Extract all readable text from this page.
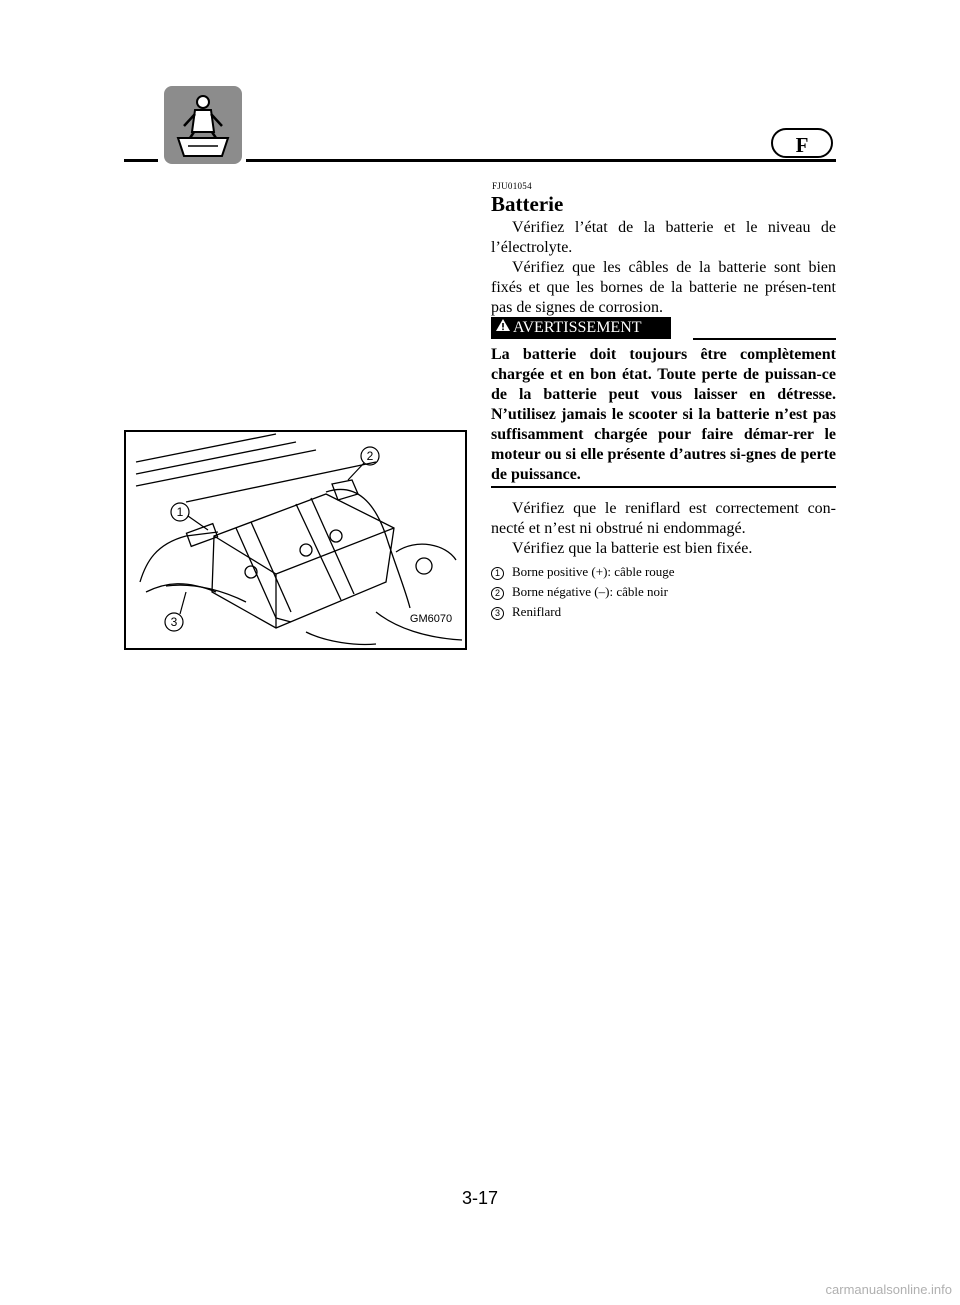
F
FJU01054
Batterie

Vérifiez l’état de la batterie et le niveau de l’électrolyte.

Vérifiez que les câbles de la batterie sont bien fixés et que les bornes de la batterie ne présen-tent pas de signes de corrosion.

AVERTISSEMENT

La batterie doit toujours être complètement chargée et en bon état. Toute perte de puissan-ce de la batterie peut vous laisser en détresse. N’utilisez jamais le scooter si la batterie n’est pas suffisamment chargée pour faire démar-rer le moteur ou si elle présente d’autres si-gnes de perte de puissance.

Vérifiez que le reniflard est correctement con-necté et n’est ni obstrué ni endommagé.

Vérifiez que la batterie est bien fixée.

1 Borne positive (+): câble rouge
2 Borne négative (–): câble noir
3 Reniflard
1
2
3	GM6070
3-17
carmanualsonline.info
